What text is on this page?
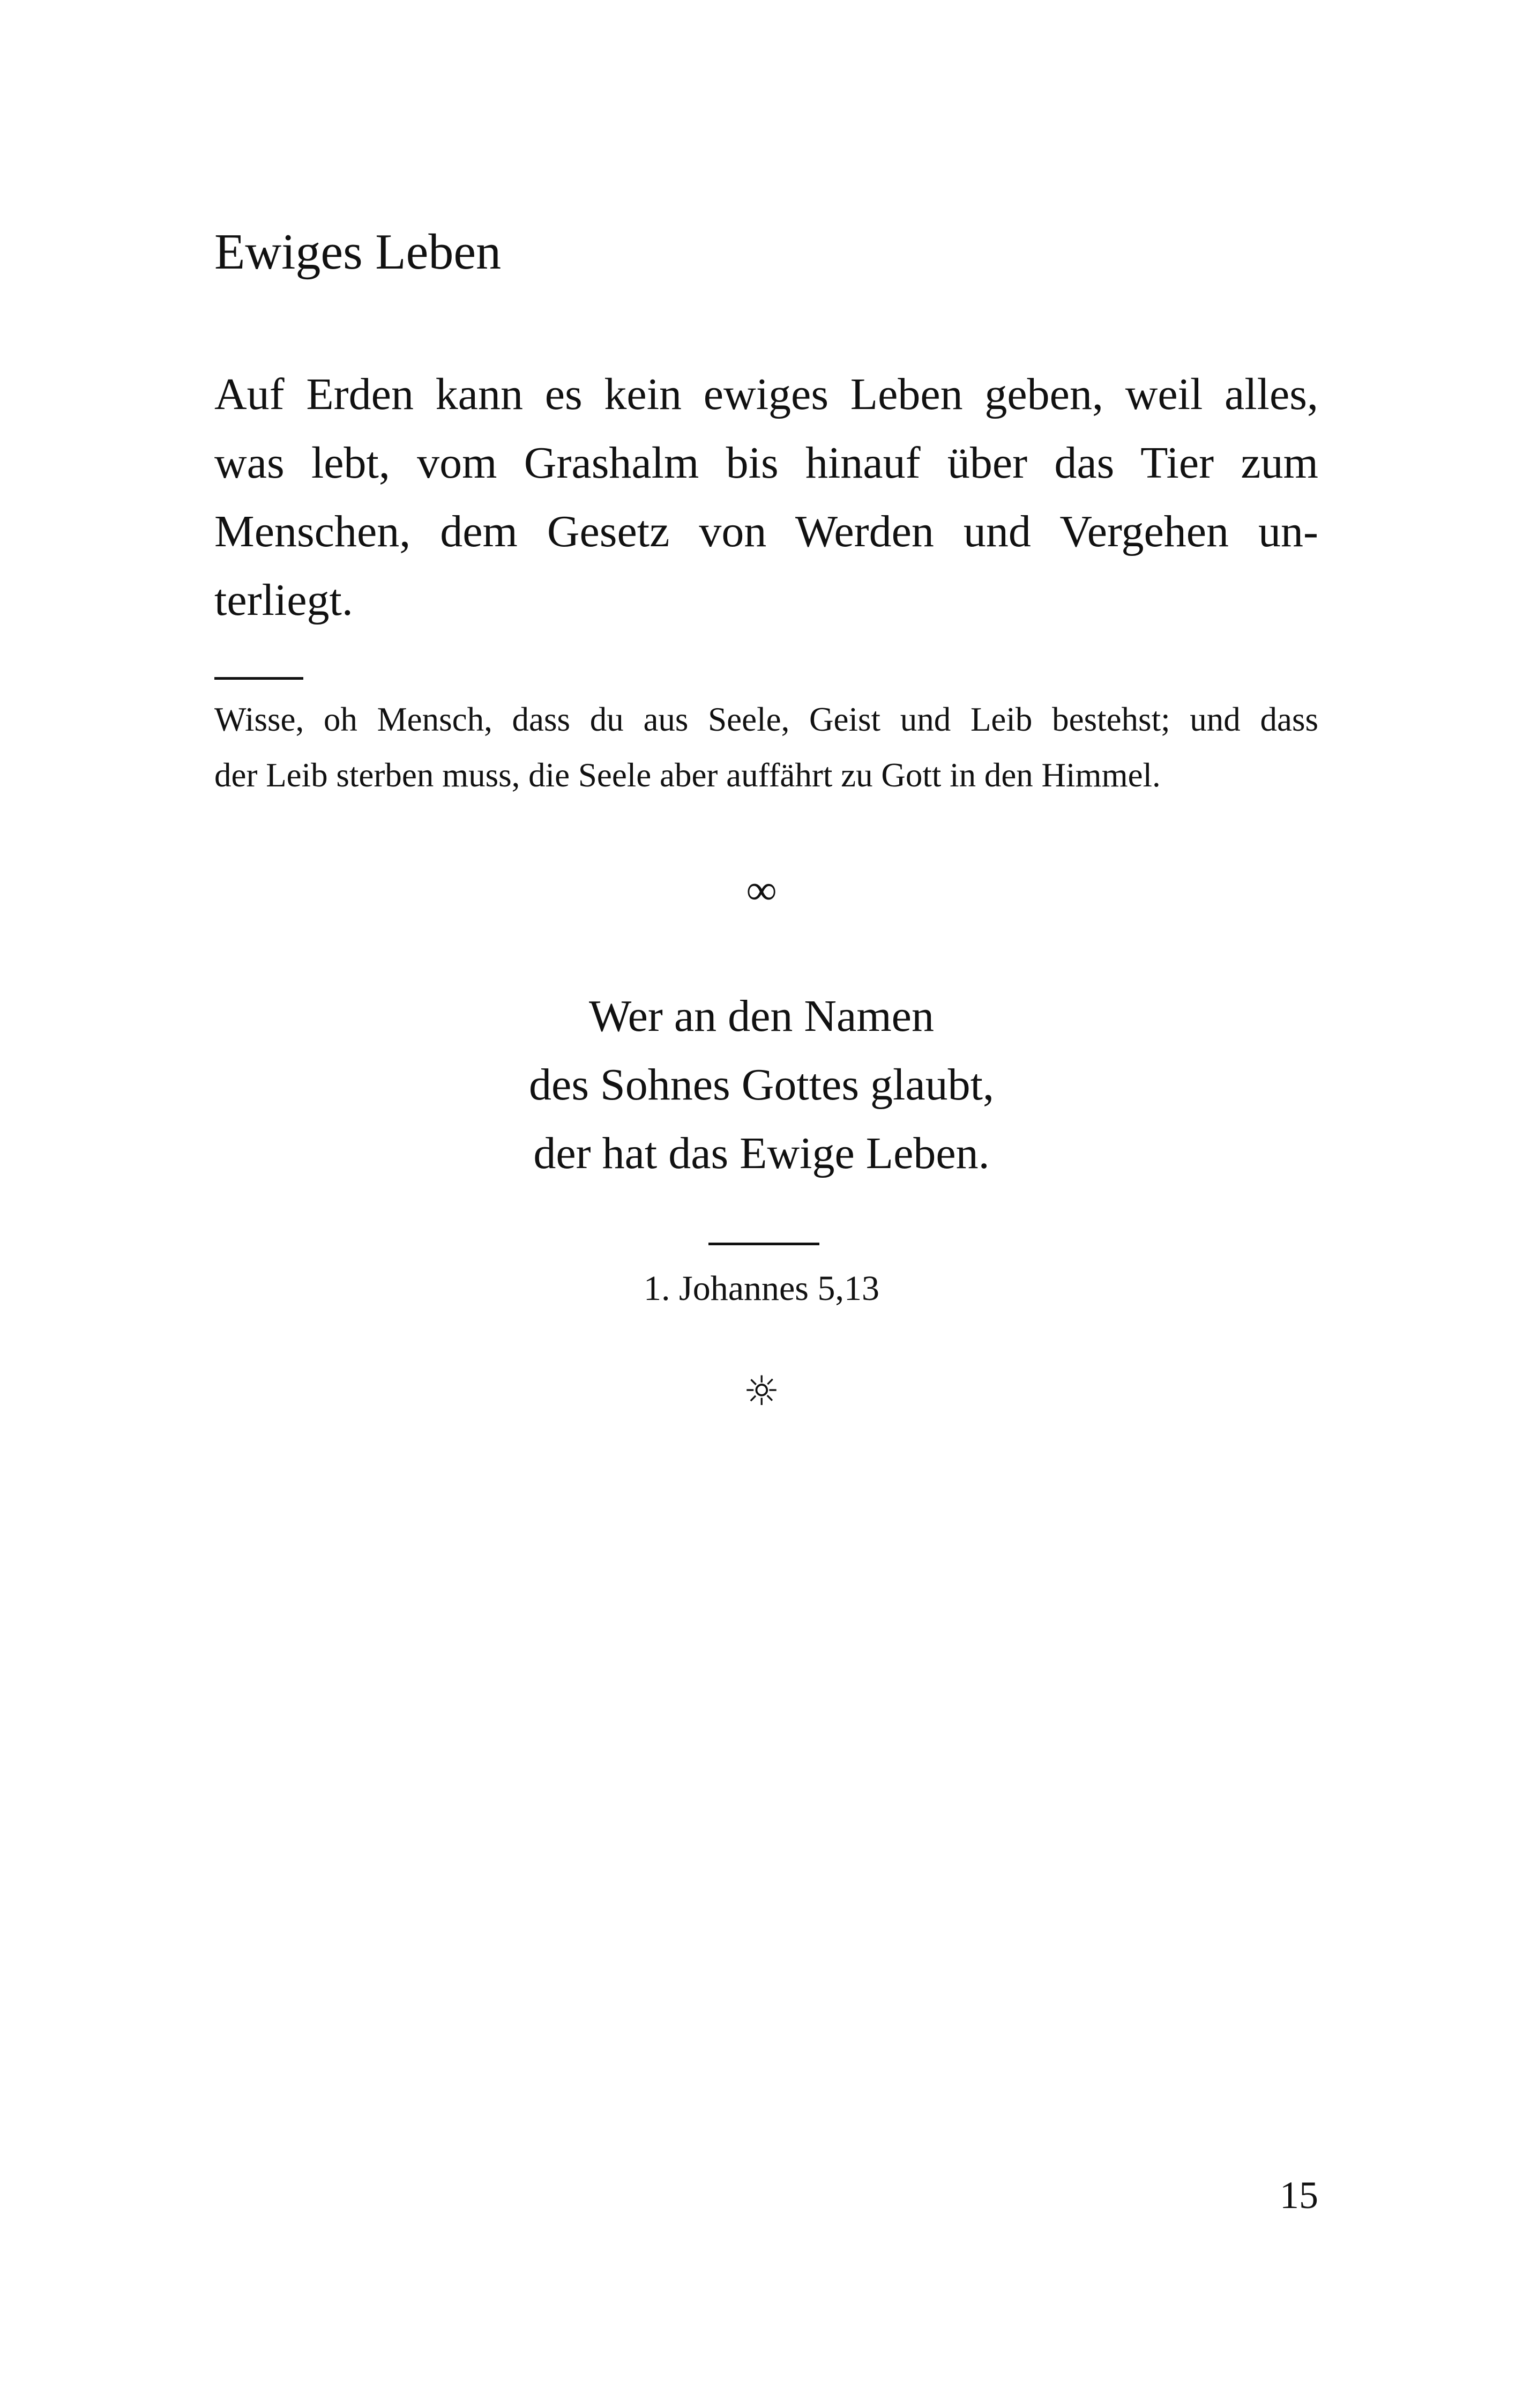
Ewiges Leben
Auf Erden kann es kein ewiges Leben geben, weil alles,
was lebt, vom Grashalm bis hinauf über das Tier zum
Menschen, dem Gesetz von Werden und Vergehen un-
terliegt.
Wisse, oh Mensch, dass du aus Seele, Geist und Leib bestehst; und dass
der Leib sterben muss, die Seele aber auffährt zu Gott in den Himmel.
∞
Wer an den Namen
des Sohnes Gottes glaubt,
der hat das Ewige Leben.
1. Johannes 5,13
☼
15
